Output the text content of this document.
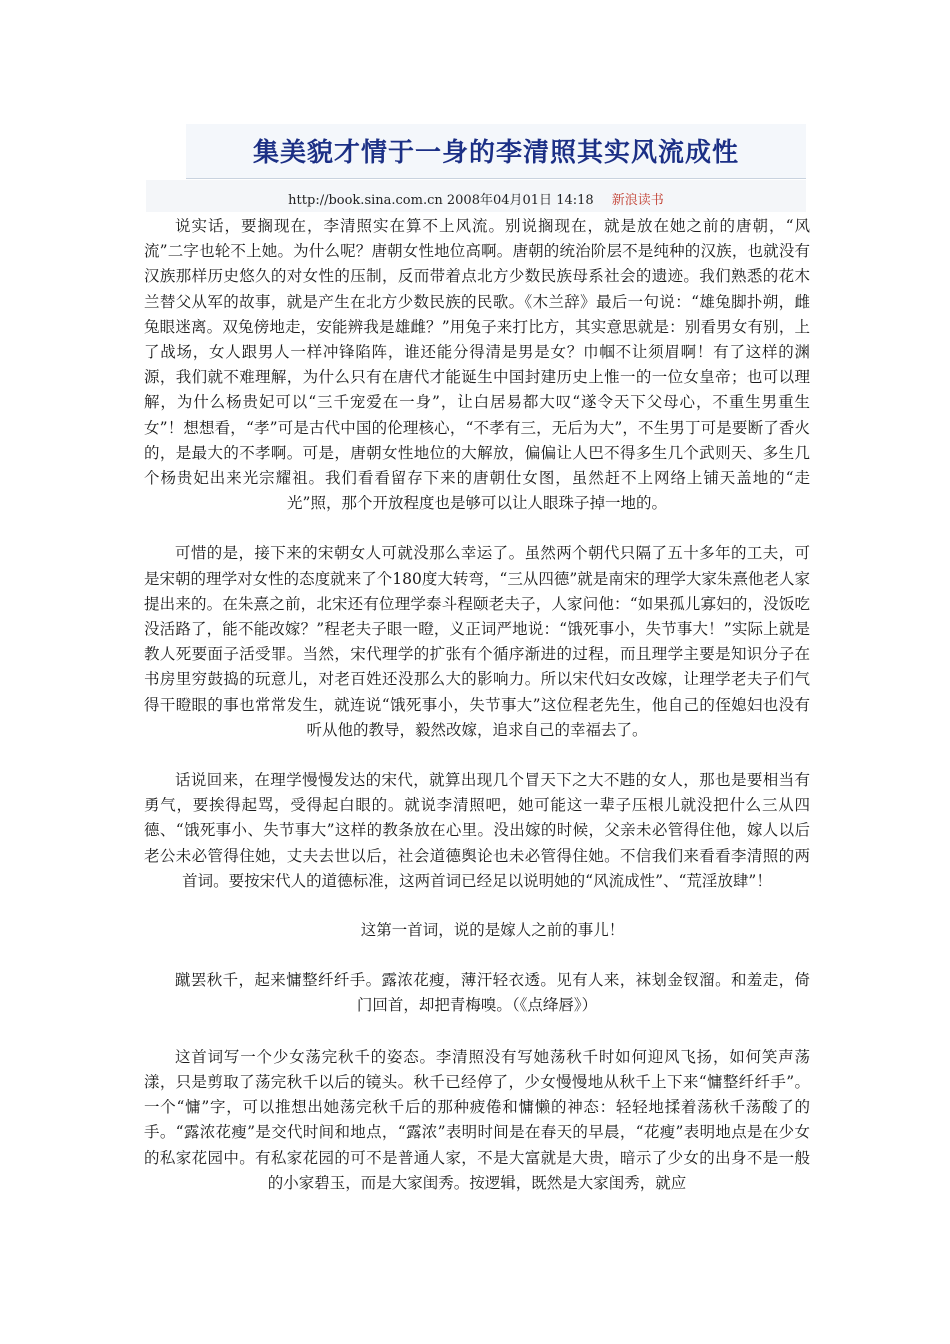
集美貌才情于一身的李清照其实风流成性
http://book.sina.com.cn 2008年04月01日 14:18 新浪读书

说实话，要搁现在，李清照实在算不上风流。别说搁现在，就是放在她之前的唐朝，“风流”二字也轮不上她。为什么呢？唐朝女性地位高啊。唐朝的统治阶层不是纯种的汉族，也就没有汉族那样历史悠久的对女性的压制，反而带着点北方少数民族母系社会的遗迹。我们熟悉的花木兰替父从军的故事，就是产生在北方少数民族的民歌。《木兰辞》最后一句说：“雄兔脚扑朔，雌兔眼迷离。双兔傍地走，安能辨我是雄雌？”用兔子来打比方，其实意思就是：别看男女有别，上了战场，女人跟男人一样冲锋陷阵，谁还能分得清是男是女？巾帼不让须眉啊！有了这样的渊源，我们就不难理解，为什么只有在唐代才能诞生中国封建历史上惟一的一位女皇帝；也可以理解，为什么杨贵妃可以“三千宠爱在一身”，让白居易都大叹“遂令天下父母心，不重生男重生女”！想想看，“孝”可是古代中国的伦理核心，“不孝有三，无后为大”，不生男丁可是要断了香火的，是最大的不孝啊。可是，唐朝女性地位的大解放，偏偏让人巴不得多生几个武则天、多生几个杨贵妃出来光宗耀祖。我们看看留存下来的唐朝仕女图，虽然赶不上网络上铺天盖地的“走光”照，那个开放程度也是够可以让人眼珠子掉一地的。

可惜的是，接下来的宋朝女人可就没那么幸运了。虽然两个朝代只隔了五十多年的工夫，可是宋朝的理学对女性的态度就来了个180度大转弯，“三从四德”就是南宋的理学大家朱熹他老人家提出来的。在朱熹之前，北宋还有位理学泰斗程颐老夫子，人家问他：“如果孤儿寡妇的，没饭吃没活路了，能不能改嫁？”程老夫子眼一瞪，义正词严地说：“饿死事小，失节事大！”实际上就是教人死要面子活受罪。当然，宋代理学的扩张有个循序渐进的过程，而且理学主要是知识分子在书房里穷鼓捣的玩意儿，对老百姓还没那么大的影响力。所以宋代妇女改嫁，让理学老夫子们气得干瞪眼的事也常常发生，就连说“饿死事小，失节事大”这位程老先生，他自己的侄媳妇也没有听从他的教导，毅然改嫁，追求自己的幸福去了。

话说回来，在理学慢慢发达的宋代，就算出现几个冒天下之大不韪的女人，那也是要相当有勇气，要挨得起骂，受得起白眼的。就说李清照吧，她可能这一辈子压根儿就没把什么三从四德、“饿死事小、失节事大”这样的教条放在心里。没出嫁的时候，父亲未必管得住他，嫁人以后老公未必管得住她，丈夫去世以后，社会道德舆论也未必管得住她。不信我们来看看李清照的两首词。要按宋代人的道德标准，这两首词已经足以说明她的“风流成性”、“荒淫放肆”！

这第一首词，说的是嫁人之前的事儿！

蹴罢秋千，起来慵整纤纤手。露浓花瘦，薄汗轻衣透。见有人来，袜刬金钗溜。和羞走，倚门回首，却把青梅嗅。（《点绛唇》）

这首词写一个少女荡完秋千的姿态。李清照没有写她荡秋千时如何迎风飞扬，如何笑声荡漾，只是剪取了荡完秋千以后的镜头。秋千已经停了，少女慢慢地从秋千上下来“慵整纤纤手”。一个“慵”字，可以推想出她荡完秋千后的那种疲倦和慵懒的神态：轻轻地揉着荡秋千荡酸了的手。“露浓花瘦”是交代时间和地点，“露浓”表明时间是在春天的早晨，“花瘦”表明地点是在少女的私家花园中。有私家花园的可不是普通人家，不是大富就是大贵，暗示了少女的出身不是一般的小家碧玉，而是大家闺秀。按逻辑，既然是大家闺秀，就应
